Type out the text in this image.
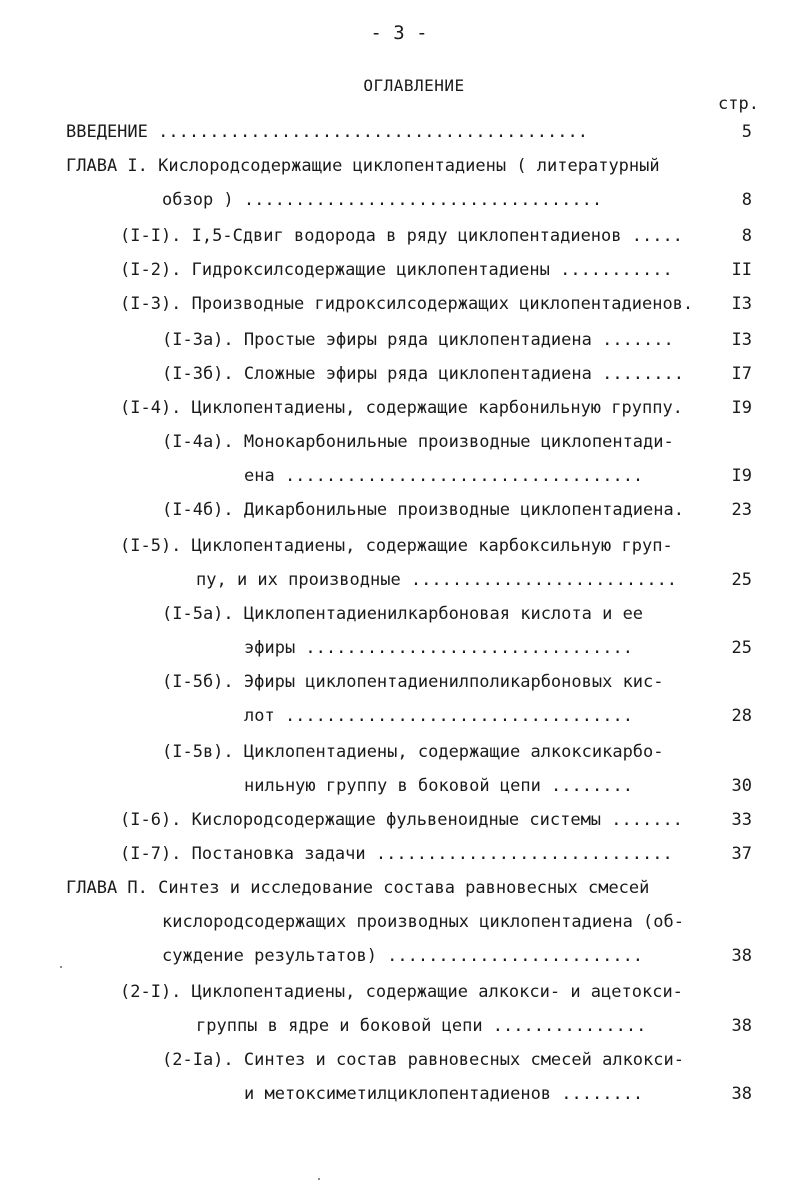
- 3 -
ОГЛАВЛЕНИЕ
стр.
ВВЕДЕНИЕ ..........................................	5
ГЛАВА I. Кислородсодержащие циклопентадиены ( литературный
обзор ) ...................................	8
(I-I). I,5-Сдвиг водорода в ряду циклопентадиенов .....	8
(I-2). Гидроксилсодержащие циклопентадиены ...........	II
(I-3). Производные гидроксилсодержащих циклопентадиенов.	I3
(I-3а). Простые эфиры ряда циклопентадиена .......	I3
(I-3б). Сложные эфиры ряда циклопентадиена ........	I7
(I-4). Циклопентадиены, содержащие карбонильную группу.	I9
(I-4а). Монокарбонильные производные циклопентади-
ена ...................................	I9
(I-4б). Дикарбонильные производные циклопентадиена.	23
(I-5). Циклопентадиены, содержащие карбоксильную груп-
пу, и их производные ..........................	25
(I-5а). Циклопентадиенилкарбоновая кислота и ее
эфиры ................................	25
(I-5б). Эфиры циклопентадиенилполикарбоновых кис-
лот ..................................	28
(I-5в). Циклопентадиены, содержащие алкоксикарбо-
нильную группу в боковой цепи ........	30
(I-6). Кислородсодержащие фульвеноидные системы .......	33
(I-7). Постановка задачи .............................	37
ГЛАВА П. Синтез и исследование состава равновесных смесей
кислородсодержащих производных циклопентадиена (об-
суждение результатов) .........................	38
(2-I). Циклопентадиены, содержащие алкокси- и ацетокси-
группы в ядре и боковой цепи ...............	38
(2-Iа). Синтез и состав равновесных смесей алкокси-
и метоксиметилциклопентадиенов ........	38
